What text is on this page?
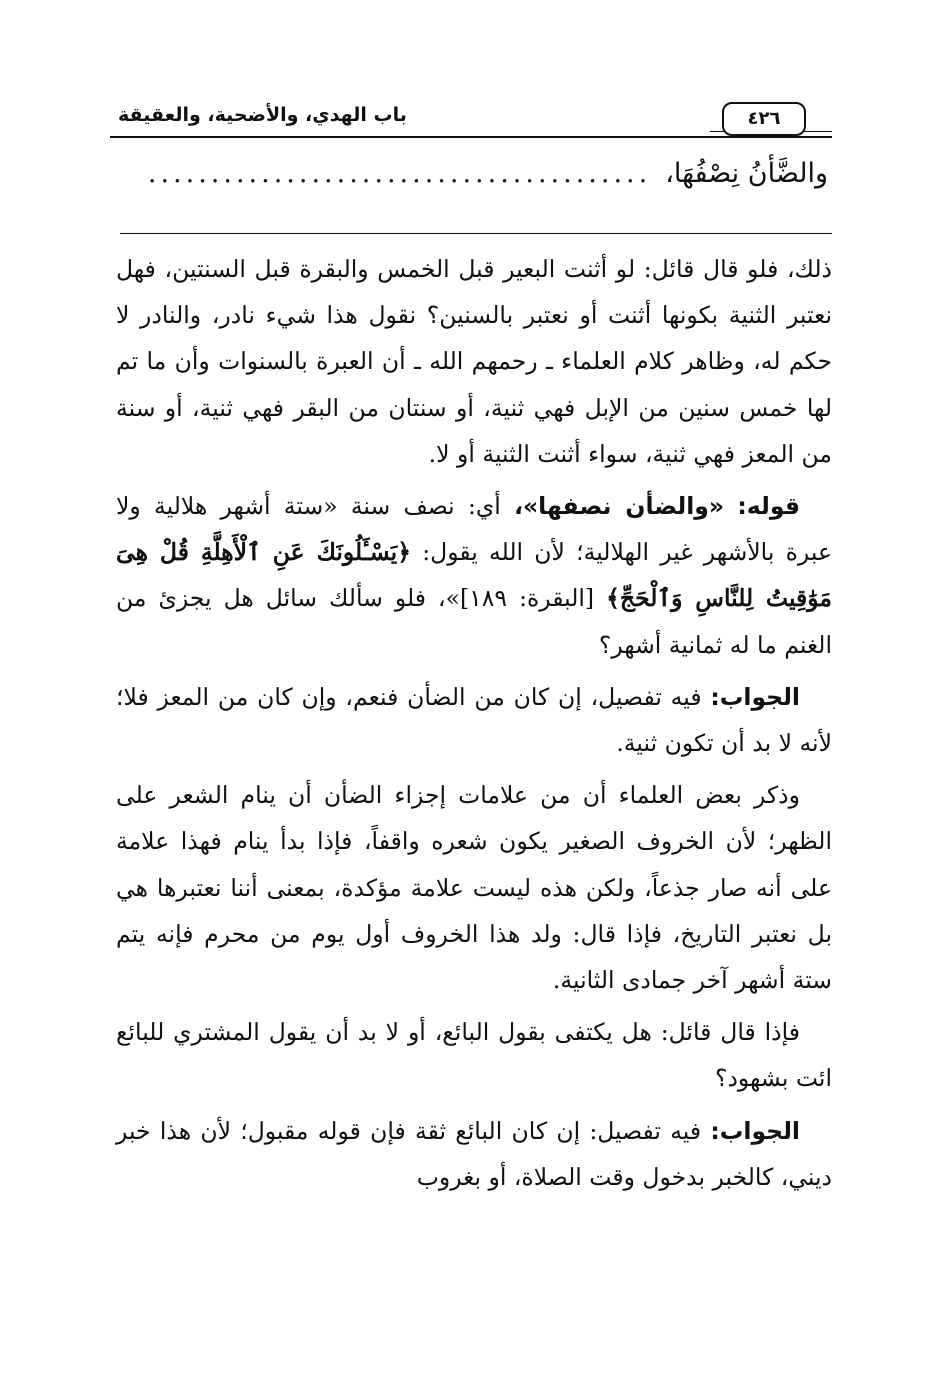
باب الهدي، والأضحية، والعقيقة	٤٢٦
والضَّأنُ نِصْفُهَا،........................................

ذلك، فلو قال قائل: لو أثنت البعير قبل الخمس والبقرة قبل السنتين، فهل نعتبر الثنية بكونها أثنت أو نعتبر بالسنين؟ نقول هذا شيء نادر، والنادر لا حكم له، وظاهر كلام العلماء ـ رحمهم الله ـ أن العبرة بالسنوات وأن ما تم لها خمس سنين من الإبل فهي ثنية، أو سنتان من البقر فهي ثنية، أو سنة من المعز فهي ثنية، سواء أثنت الثنية أو لا.

قوله: «والضأن نصفها»، أي: نصف سنة «ستة أشهر هلالية ولا عبرة بالأشهر غير الهلالية؛ لأن الله يقول: ﴿يَسْـَٔلُونَكَ عَنِ ٱلْأَهِلَّةِ قُلْ هِىَ مَوَٰقِيتُ لِلنَّاسِ وَٱلْحَجِّ﴾ [البقرة: ١٨٩]»، فلو سألك سائل هل يجزئ من الغنم ما له ثمانية أشهر؟

الجواب: فيه تفصيل، إن كان من الضأن فنعم، وإن كان من المعز فلا؛ لأنه لا بد أن تكون ثنية.

وذكر بعض العلماء أن من علامات إجزاء الضأن أن ينام الشعر على الظهر؛ لأن الخروف الصغير يكون شعره واقفاً، فإذا بدأ ينام فهذا علامة على أنه صار جذعاً، ولكن هذه ليست علامة مؤكدة، بمعنى أننا نعتبرها هي بل نعتبر التاريخ، فإذا قال: ولد هذا الخروف أول يوم من محرم فإنه يتم ستة أشهر آخر جمادى الثانية.

فإذا قال قائل: هل يكتفى بقول البائع، أو لا بد أن يقول المشتري للبائع ائت بشهود؟

الجواب: فيه تفصيل: إن كان البائع ثقة فإن قوله مقبول؛ لأن هذا خبر ديني، كالخبر بدخول وقت الصلاة، أو بغروب
